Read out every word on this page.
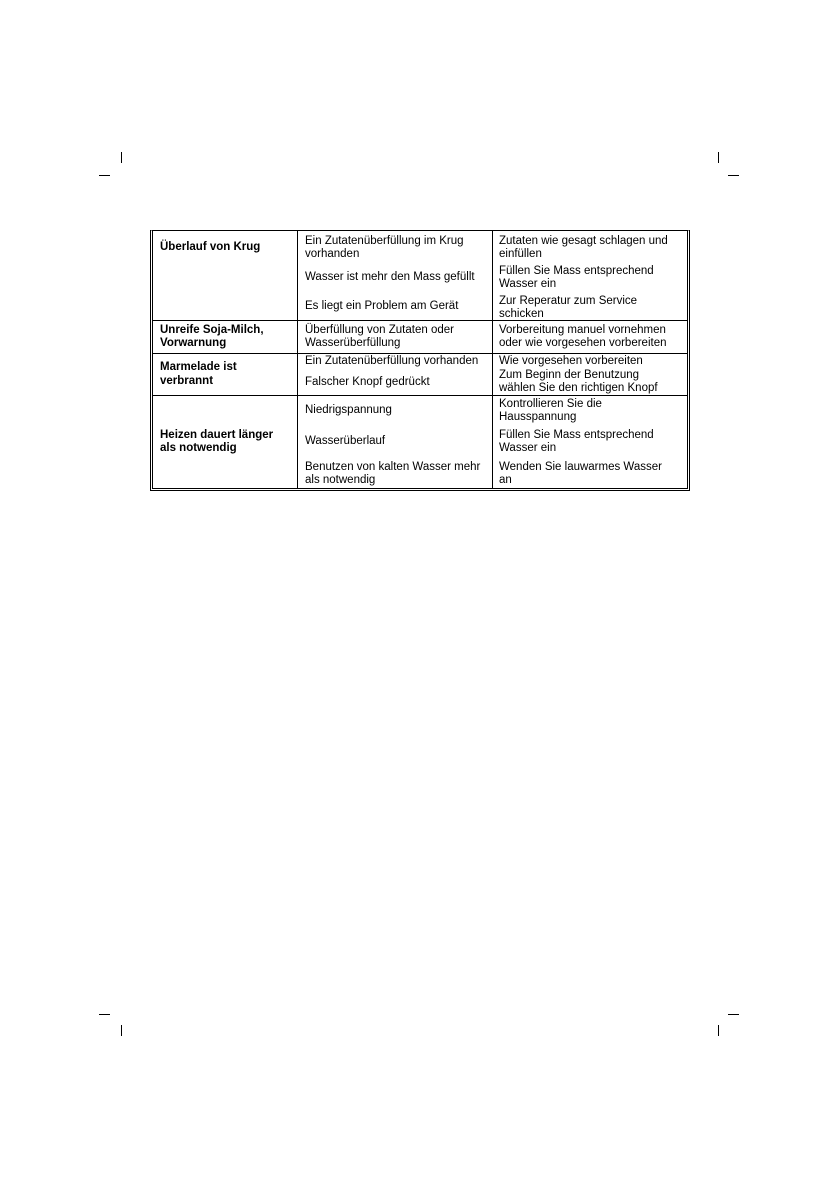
Überlauf von Krug	Ein Zutatenüberfüllung im Krug
vorhanden
Wasser ist mehr den Mass gefüllt
Es liegt ein Problem am Gerät
Zutaten wie gesagt schlagen und
einfüllen
Füllen Sie Mass entsprechend
Wasser ein
Zur Reperatur zum Service
schicken
Unreife Soja-Milch,
Vorwarnung
Überfüllung von Zutaten oder
Wasserüberfüllung
Vorbereitung manuel vornehmen
oder wie vorgesehen vorbereiten
Marmelade ist
verbrannt
Ein Zutatenüberfüllung vorhanden
Falscher Knopf gedrückt
Wie vorgesehen vorbereiten
Zum Beginn der Benutzung
wählen Sie den richtigen Knopf
Heizen dauert länger
als notwendig
Niedrigspannung
Wasserüberlauf
Benutzen von kalten Wasser mehr
als notwendig
Kontrollieren Sie die
Hausspannung
Füllen Sie Mass entsprechend
Wasser ein
Wenden Sie lauwarmes Wasser
an
